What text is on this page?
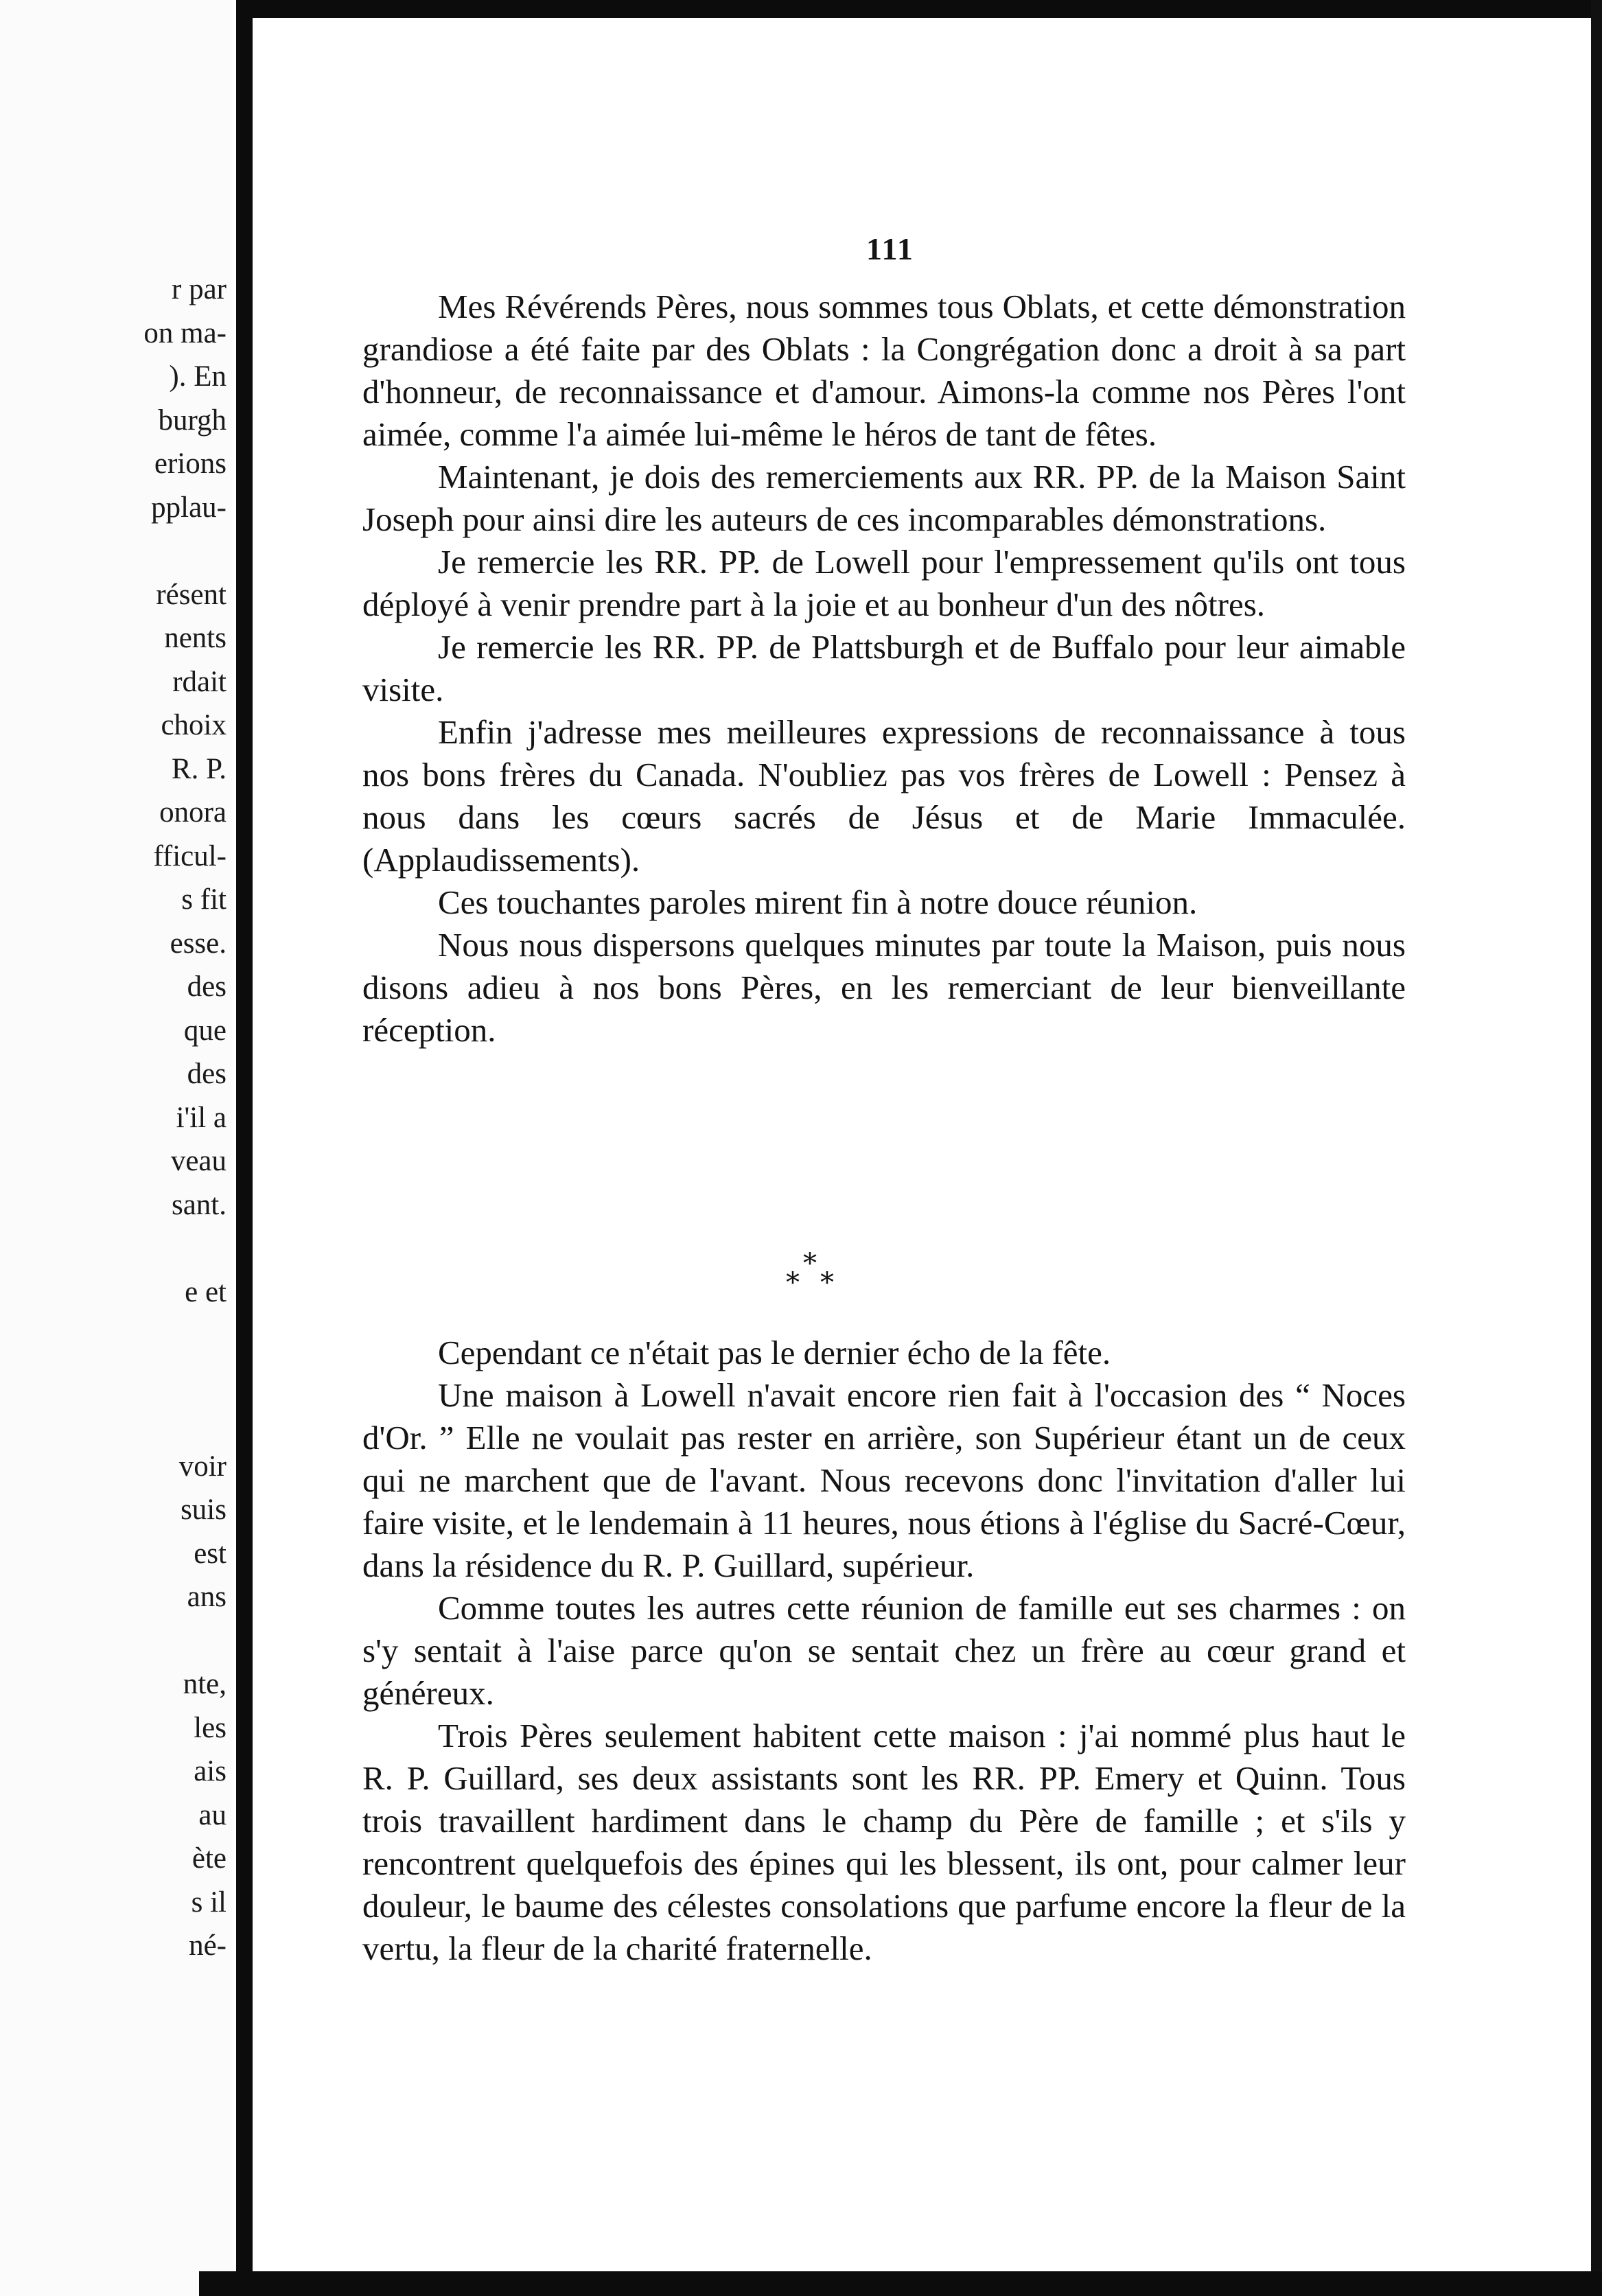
r par
on ma-
). En
burgh
erions
pplau-
résent
nents
rdait
choix
R. P.
onora
fficul-
s fit
esse.
des
que
des
i'il a
veau
sant.
e et
voir
suis
est
ans
nte,
les
ais
au
ète
s il
né-
111

Mes Révérends Pères, nous sommes tous Oblats, et cette démonstration grandiose a été faite par des Oblats : la Congrégation donc a droit à sa part d'honneur, de reconnaissance et d'amour. Aimons-la comme nos Pères l'ont aimée, comme l'a aimée lui-même le héros de tant de fêtes.

Maintenant, je dois des remerciements aux RR. PP. de la Maison Saint Joseph pour ainsi dire les auteurs de ces incomparables démonstrations.

Je remercie les RR. PP. de Lowell pour l'empressement qu'ils ont tous déployé à venir prendre part à la joie et au bonheur d'un des nôtres.

Je remercie les RR. PP. de Plattsburgh et de Buffalo pour leur aimable visite.

Enfin j'adresse mes meilleures expressions de reconnaissance à tous nos bons frères du Canada. N'oubliez pas vos frères de Lowell : Pensez à nous dans les cœurs sacrés de Jésus et de Marie Immaculée. (Applaudissements).

Ces touchantes paroles mirent fin à notre douce réunion.

Nous nous dispersons quelques minutes par toute la Maison, puis nous disons adieu à nos bons Pères, en les remerciant de leur bienveillante réception.

*
* *

Cependant ce n'était pas le dernier écho de la fête.

Une maison à Lowell n'avait encore rien fait à l'occasion des “ Noces d'Or. ” Elle ne voulait pas rester en arrière, son Supérieur étant un de ceux qui ne marchent que de l'avant. Nous recevons donc l'invitation d'aller lui faire visite, et le lendemain à 11 heures, nous étions à l'église du Sacré-Cœur, dans la résidence du R. P. Guillard, supérieur.

Comme toutes les autres cette réunion de famille eut ses charmes : on s'y sentait à l'aise parce qu'on se sentait chez un frère au cœur grand et généreux.

Trois Pères seulement habitent cette maison : j'ai nommé plus haut le R. P. Guillard, ses deux assistants sont les RR. PP. Emery et Quinn. Tous trois travaillent hardiment dans le champ du Père de famille ; et s'ils y rencontrent quelquefois des épines qui les blessent, ils ont, pour calmer leur douleur, le baume des célestes consolations que parfume encore la fleur de la vertu, la fleur de la charité fraternelle.
